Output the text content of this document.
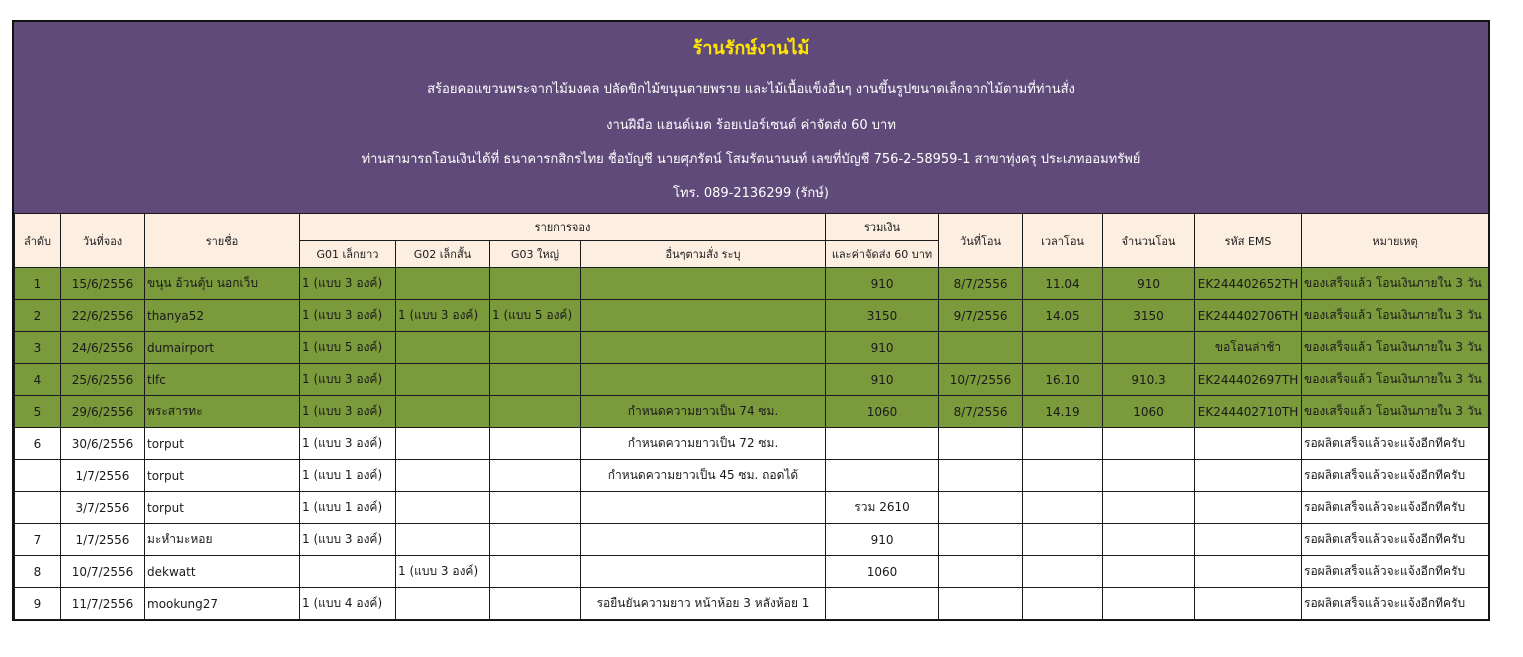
ร้านรักษ์งานไม้
สร้อยคอแขวนพระจากไม้มงคล ปลัดขิกไม้ขนุนตายพราย และไม้เนื้อแข็งอื่นๆ งานขึ้นรูปขนาดเล็กจากไม้ตามที่ท่านสั่ง
งานฝีมือ แฮนด์เมด ร้อยเปอร์เซนต์ ค่าจัดส่ง 60 บาท
ท่านสามารถโอนเงินได้ที่ ธนาคารกสิกรไทย ชื่อบัญชี นายศุภรัตน์ โสมรัตนานนท์ เลขที่บัญชี 756-2-58959-1 สาขาทุ่งครุ ประเภทออมทรัพย์
โทร. 089-2136299 (รักษ์)
ลำดับ	วันที่จอง	รายชื่อ	รายการจอง				รวมเงิน	วันที่โอน	เวลาโอน	จำนวนโอน	รหัส EMS	หมายเหตุ
			G01 เล็กยาว	G02 เล็กสั้น	G03 ใหญ่	อื่นๆตามสั่ง ระบุ	และค่าจัดส่ง 60 บาท					
1	15/6/2556	ขนุน อ้วนตุ้บ นอกเว็บ	1 (แบบ 3 องค์)				910	8/7/2556	11.04	910	EK244402652TH	ของเสร็จแล้ว โอนเงินภายใน 3 วัน
2	22/6/2556	thanya52	1 (แบบ 3 องค์)	1 (แบบ 3 องค์)	1 (แบบ 5 องค์)		3150	9/7/2556	14.05	3150	EK244402706TH	ของเสร็จแล้ว โอนเงินภายใน 3 วัน
3	24/6/2556	dumairport	1 (แบบ 5 องค์)				910				ขอโอนล่าช้า	ของเสร็จแล้ว โอนเงินภายใน 3 วัน
4	25/6/2556	tlfc	1 (แบบ 3 องค์)				910	10/7/2556	16.10	910.3	EK244402697TH	ของเสร็จแล้ว โอนเงินภายใน 3 วัน
5	29/6/2556	พระสารทะ	1 (แบบ 3 องค์)			กำหนดความยาวเป็น 74 ซม.	1060	8/7/2556	14.19	1060	EK244402710TH	ของเสร็จแล้ว โอนเงินภายใน 3 วัน
6	30/6/2556	torput	1 (แบบ 3 องค์)			กำหนดความยาวเป็น 72 ซม.						รอผลิตเสร็จแล้วจะแจ้งอีกทีครับ
	1/7/2556	torput	1 (แบบ 1 องค์)			กำหนดความยาวเป็น 45 ซม. ถอดได้						รอผลิตเสร็จแล้วจะแจ้งอีกทีครับ
	3/7/2556	torput	1 (แบบ 1 องค์)				รวม 2610					รอผลิตเสร็จแล้วจะแจ้งอีกทีครับ
7	1/7/2556	มะหำมะหอย	1 (แบบ 3 องค์)				910					รอผลิตเสร็จแล้วจะแจ้งอีกทีครับ
8	10/7/2556	dekwatt		1 (แบบ 3 องค์)			1060					รอผลิตเสร็จแล้วจะแจ้งอีกทีครับ
9	11/7/2556	mookung27	1 (แบบ 4 องค์)			รอยืนยันความยาว หน้าห้อย 3 หลังห้อย 1						รอผลิตเสร็จแล้วจะแจ้งอีกทีครับ
